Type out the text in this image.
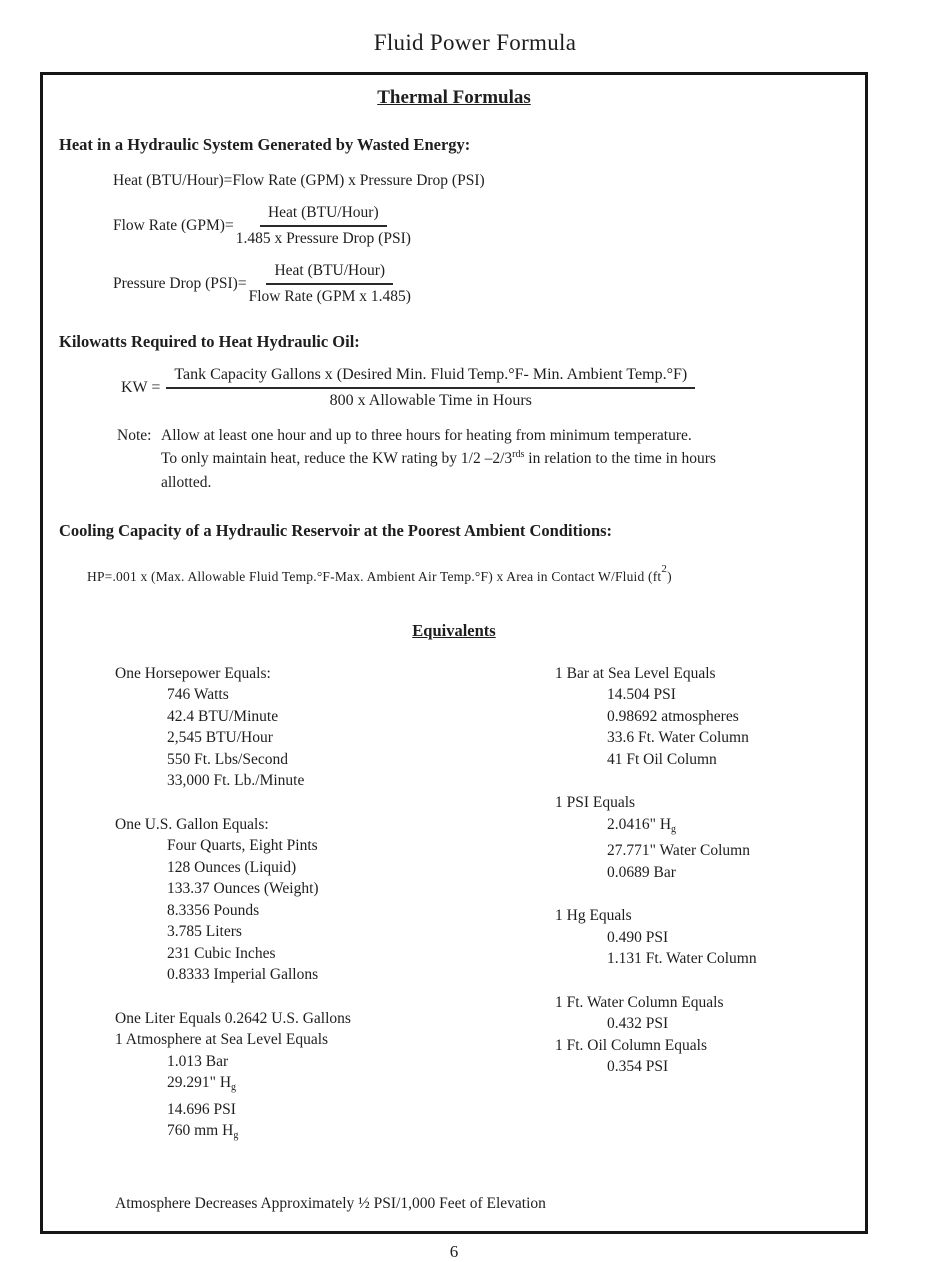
Fluid Power Formula
Thermal Formulas
Heat in a Hydraulic System Generated by Wasted Energy:
Heat (BTU/Hour)=Flow Rate (GPM) x Pressure Drop (PSI)
Flow Rate $(GPM)= \frac{\text{Heat (BTU/Hour)}}{\text{1.485 x Pressure Drop (PSI)}}$
Pressure Drop $(PSI)= \frac{\text{Heat (BTU/Hour)}}{\text{Flow Rate (GPM x 1.485)}}$
Kilowatts Required to Heat Hydraulic Oil:
KW =
Tank Capacity Gallons x (Desired Min. Fluid Temp.°F- Min. Ambient Temp.°F)
800 x Allowable Time in Hours
Note: Allow at least one hour and up to three hours for heating from minimum temperature.
To only maintain heat, reduce the KW rating by 1/2 –2/3$^{rds}$ in relation to the time in hours
allotted.
Cooling Capacity of a Hydraulic Reservoir at the Poorest Ambient Conditions:
HP=.001 x (Max. Allowable Fluid Temp.°F-Max. Ambient Air Temp.°F) x Area in Contact W/Fluid $(ft^2)$
Equivalents
One Horsepower Equals:
746 Watts
42.4 BTU/Minute
2,545 BTU/Hour
550 Ft. Lbs/Second
33,000 Ft. Lb./Minute
One U.S. Gallon Equals:
Four Quarts, Eight Pints
128 Ounces (Liquid)
133.37 Ounces (Weight)
8.3356 Pounds
3.785 Liters
231 Cubic Inches
0.8333 Imperial Gallons
One Liter Equals 0.2642 U.S. Gallons
1 Atmosphere at Sea Level Equals
1.013 Bar
29.291" Hg
14.696 PSI
760 mm Hg
1 Bar at Sea Level Equals
14.504 PSI
0.98692 atmospheres
33.6 Ft. Water Column
41 Ft Oil Column
1 PSI Equals
2.0416" Hg
27.771" Water Column
0.0689 Bar
1 Hg Equals
0.490 PSI
1.131 Ft. Water Column
1 Ft. Water Column Equals
0.432 PSI
1 Ft. Oil Column Equals
0.354 PSI
Atmosphere Decreases Approximately ½ PSI/1,000 Feet of Elevation
6
